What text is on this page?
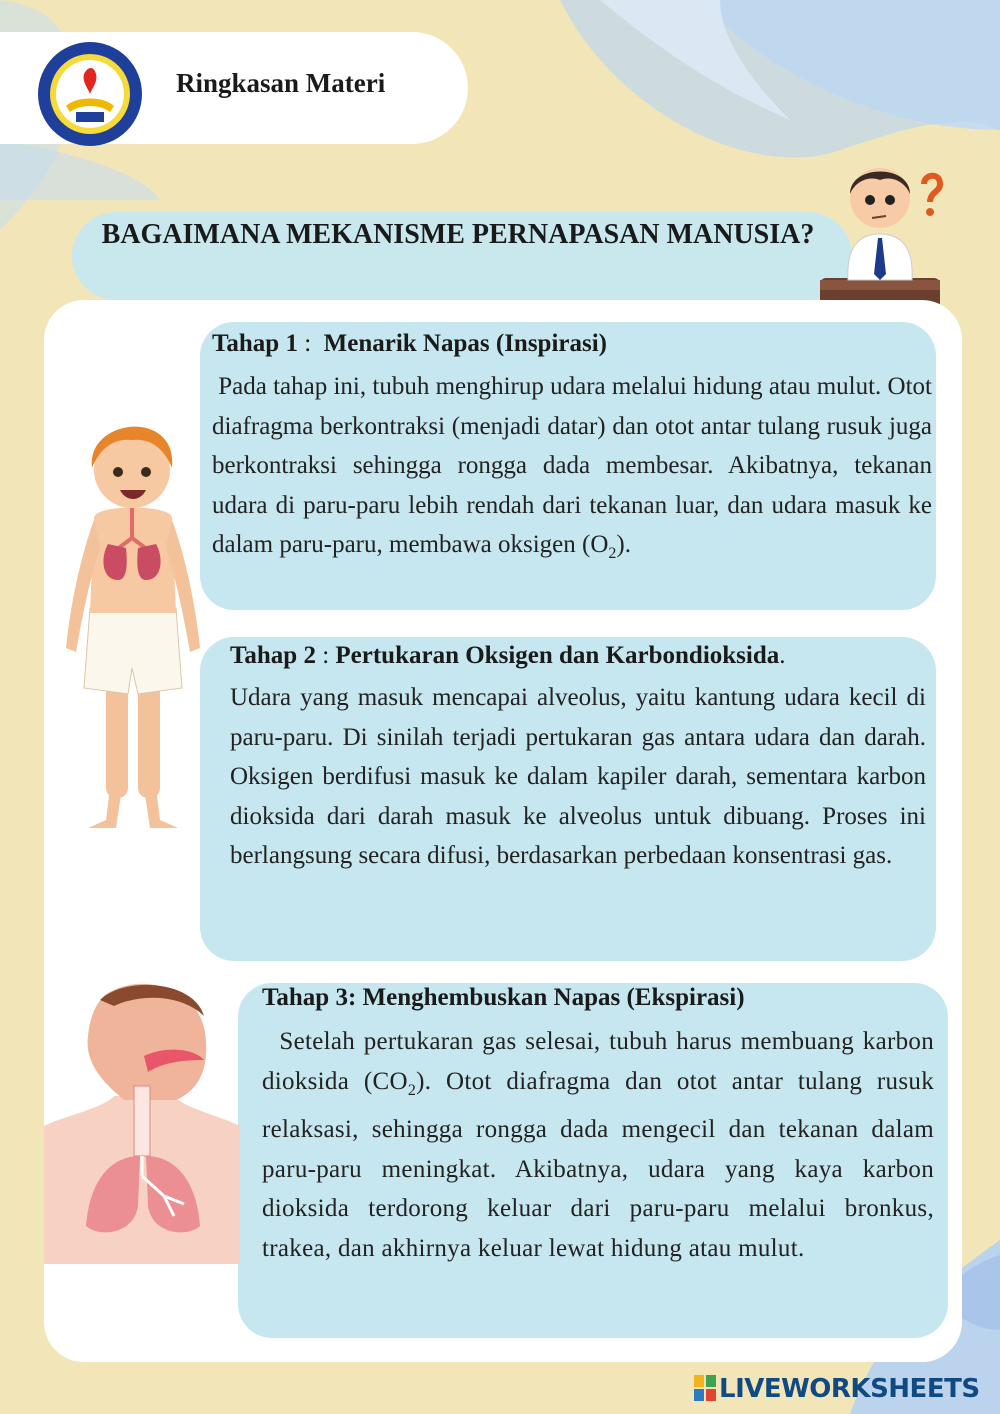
Ringkasan Materi
BAGAIMANA MEKANISME PERNAPASAN MANUSIA?
Tahap 1 :  Menarik Napas (Inspirasi)
Pada tahap ini, tubuh menghirup udara melalui hidung atau mulut. Otot diafragma berkontraksi (menjadi datar) dan otot antar tulang rusuk juga berkontraksi sehingga rongga dada membesar. Akibatnya, tekanan udara di paru-paru lebih rendah dari tekanan luar, dan udara masuk ke dalam paru-paru, membawa oksigen $(O_2)$.
Tahap 2 : Pertukaran Oksigen dan Karbondioksida.
Udara yang masuk mencapai alveolus, yaitu kantung udara kecil di paru-paru. Di sinilah terjadi pertukaran gas antara udara dan darah. Oksigen berdifusi masuk ke dalam kapiler darah, sementara karbon dioksida dari darah masuk ke alveolus untuk dibuang. Proses ini berlangsung secara difusi, berdasarkan perbedaan konsentrasi gas.
Tahap 3: Menghembuskan Napas (Ekspirasi)
Setelah pertukaran gas selesai, tubuh harus membuang karbon dioksida $(CO_2)$. Otot diafragma dan otot antar tulang rusuk relaksasi, sehingga rongga dada mengecil dan tekanan dalam paru-paru meningkat. Akibatnya, udara yang kaya karbon dioksida terdorong keluar dari paru-paru melalui bronkus, trakea, dan akhirnya keluar lewat hidung atau mulut.
LIVEWORKSHEETS
